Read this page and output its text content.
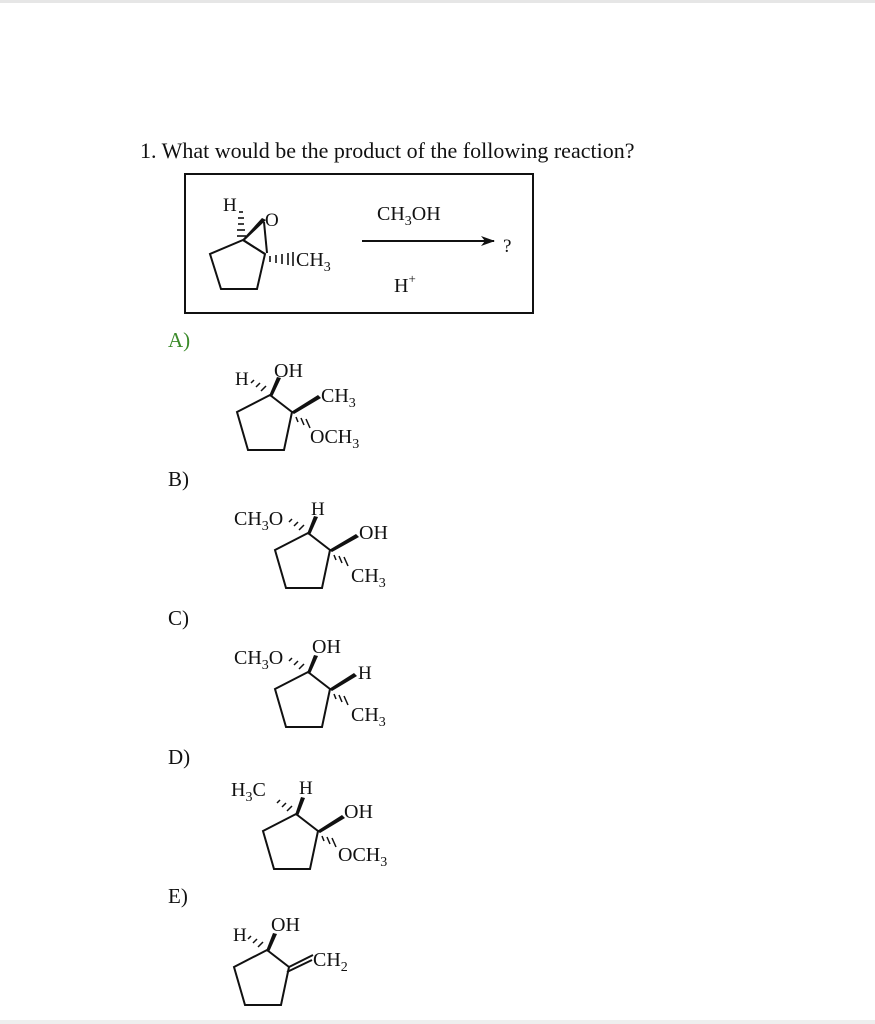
1. What would be the product of the following reaction?
A)
B)
C)
D)
E)
H
O
$CH_3$
$CH_3OH$
H+
?
H OH
$CH_3$
$OCH_3$
$CH_3O$ H
OH
$CH_3$
$CH_3O$ OH
H
$CH_3$
$H_3C$ H
OH
$OCH_3$
H OH
$CH_2$
